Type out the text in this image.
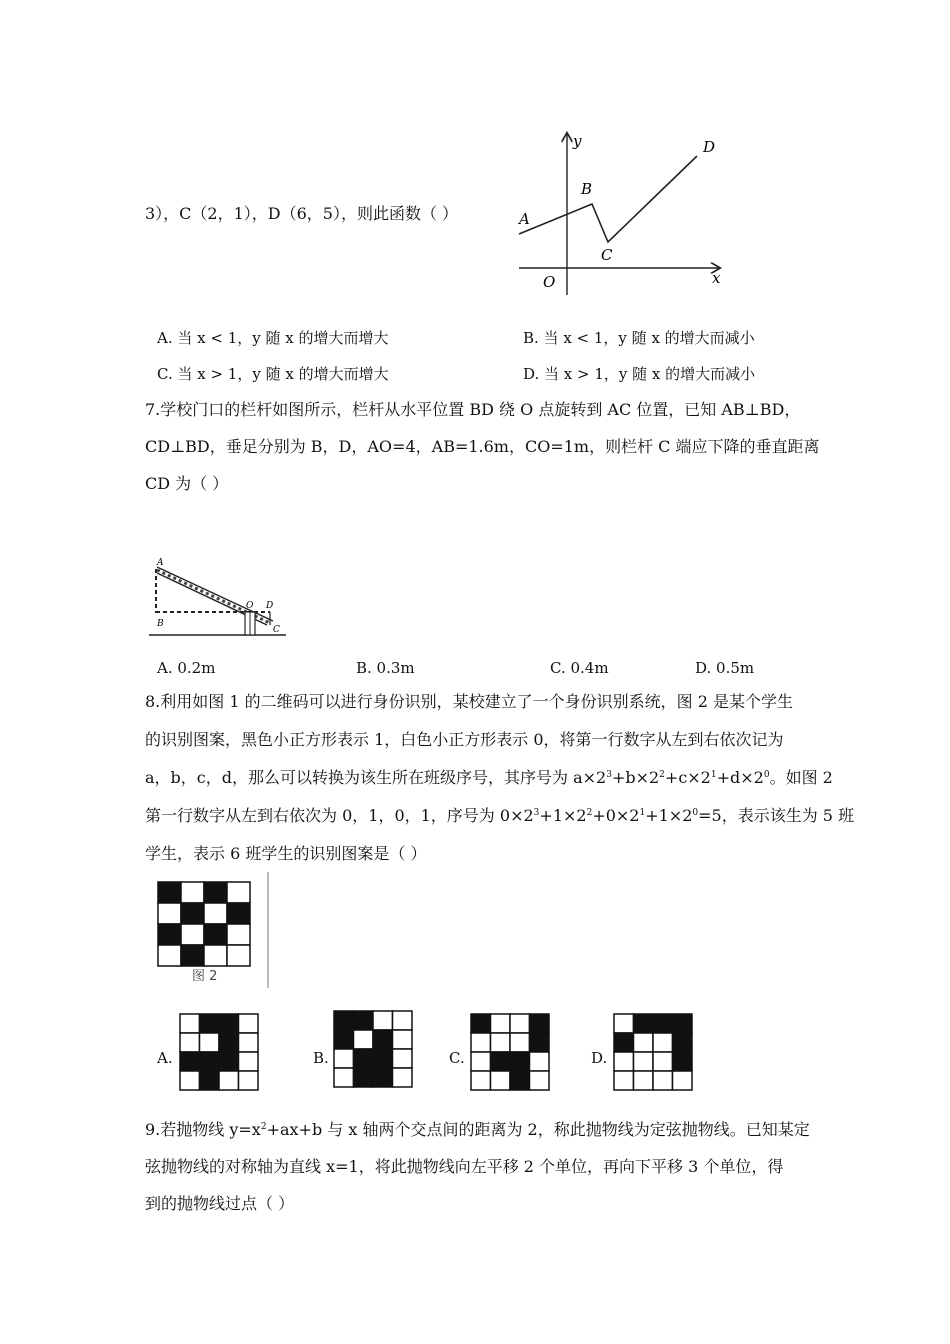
3），C（2，1），D（6，5），则此函数（ ）
y
x
O
A
B
C
D
A. 当 x < 1，y 随 x 的增大而增大	B. 当 x < 1，y 随 x 的增大而减小
C. 当 x > 1，y 随 x 的增大而增大	D. 当 x > 1，y 随 x 的增大而减小
7.学校门口的栏杆如图所示，栏杆从水平位置 BD 绕 O 点旋转到 AC 位置，已知 AB⊥BD，
CD⊥BD，垂足分别为 B，D，AO=4，AB=1.6m，CO=1m，则栏杆 C 端应下降的垂直距离
CD 为（ ）
A
B
O D
C
A. 0.2m	B. 0.3m	C. 0.4m	D. 0.5m
8.利用如图 1 的二维码可以进行身份识别，某校建立了一个身份识别系统，图 2 是某个学生
的识别图案，黑色小正方形表示 1，白色小正方形表示 0，将第一行数字从左到右依次记为
a，b，c，d，那么可以转换为该生所在班级序号，其序号为 $a\times 2^3+b\times 2^2+c\times 2^1+d\times 2^0$。如图 2
第一行数字从左到右依次为 0，1，0，1，序号为 $0\times 2^3+1\times 2^2+0\times 2^1+1\times 2^0=5$，表示该生为 5 班
学生，表示 6 班学生的识别图案是（ ）
图 2
A.	B.	C.	D.
9.若抛物线 $y=x^2+ax+b$ 与 x 轴两个交点间的距离为 2，称此抛物线为定弦抛物线。已知某定
弦抛物线的对称轴为直线 x=1，将此抛物线向左平移 2 个单位，再向下平移 3 个单位，得
到的抛物线过点（ ）
